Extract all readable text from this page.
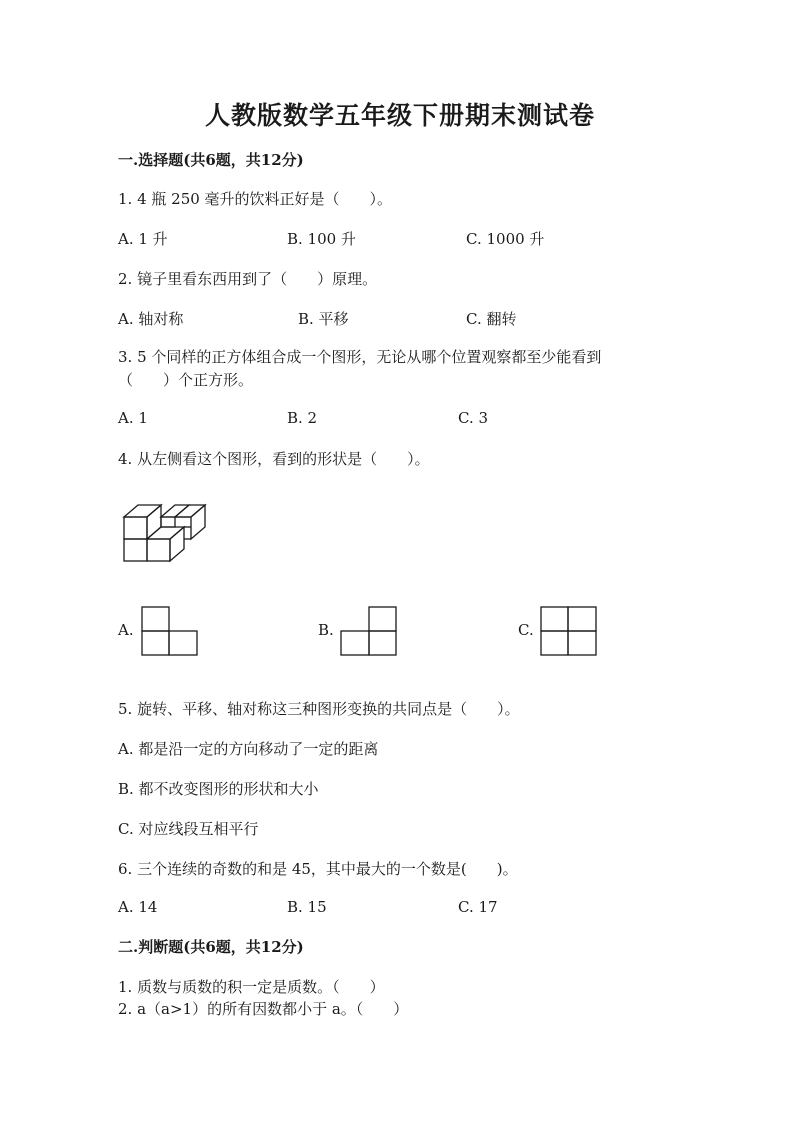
人教版数学五年级下册期末测试卷
一.选择题(共6题，共12分)
1. 4 瓶 250 毫升的饮料正好是（　　）。
A. 1 升	B. 100 升	C. 1000 升
2. 镜子里看东西用到了（　　）原理。
A. 轴对称	B. 平移	C. 翻转
3. 5 个同样的正方体组合成一个图形，无论从哪个位置观察都至少能看到
（　　）个正方形。
A. 1	B. 2	C. 3
4. 从左侧看这个图形，看到的形状是（　　）。
A.	B.	C.
5. 旋转、平移、轴对称这三种图形变换的共同点是（　　）。
A. 都是沿一定的方向移动了一定的距离
B. 都不改变图形的形状和大小
C. 对应线段互相平行
6. 三个连续的奇数的和是 45，其中最大的一个数是(　　)。
A. 14	B. 15	C. 17
二.判断题(共6题，共12分)
1. 质数与质数的积一定是质数。（　　）
2. a（a>1）的所有因数都小于 a。（　　）
